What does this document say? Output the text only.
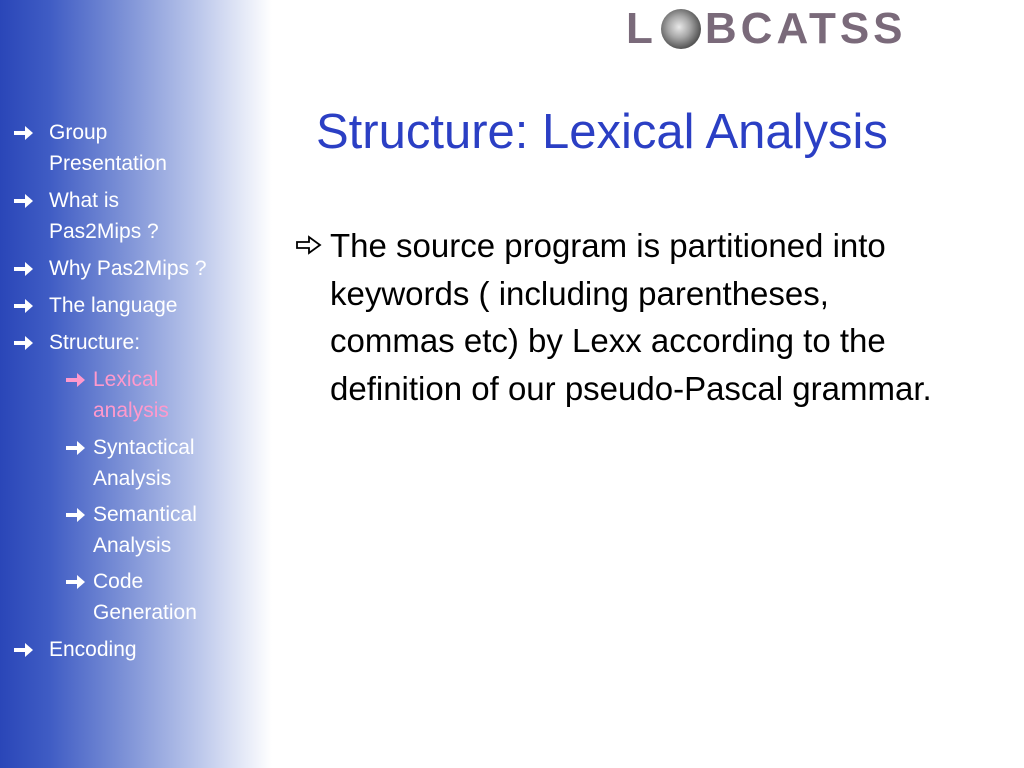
Group Presentation
What is Pas2Mips ?
Why Pas2Mips ?
The language
Structure:
Lexical analysis
Syntactical Analysis
Semantical Analysis
Code Generation
Encoding
L BCATSS
Structure: Lexical Analysis
The source program is partitioned into keywords ( including parentheses, commas etc) by Lexx according to the definition of our pseudo-Pascal grammar.
